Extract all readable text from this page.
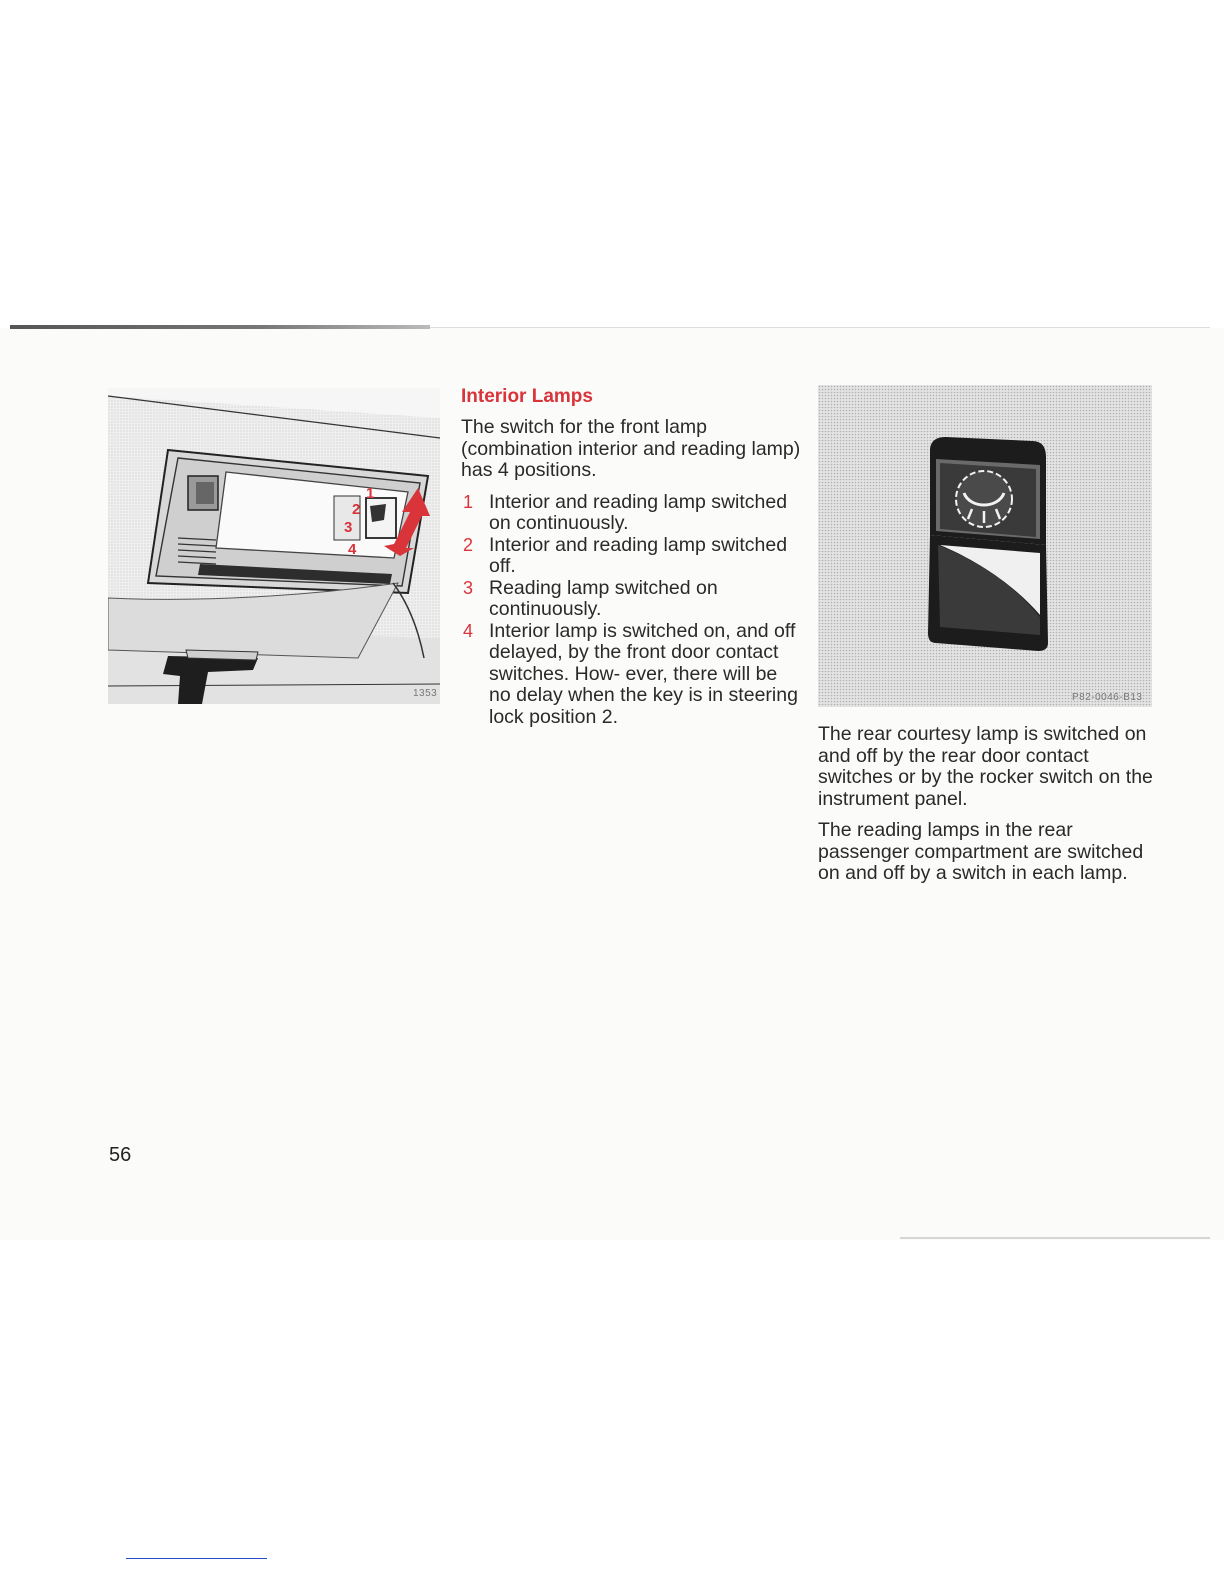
1
2
3
4
1353
Interior Lamps

The switch for the front lamp (combination interior and reading lamp) has 4 positions.

1 Interior and reading lamp switched on continuously.
2 Interior and reading lamp switched off.
3 Reading lamp switched on continuously.
4 Interior lamp is switched on, and off delayed, by the front door contact switches. How- ever, there will be no delay when the key is in steering lock position 2.
P82-0046-B13

The rear courtesy lamp is switched on and off by the rear door contact switches or by the rocker switch on the instrument panel.

The reading lamps in the rear passenger compartment are switched on and off by a switch in each lamp.

56
